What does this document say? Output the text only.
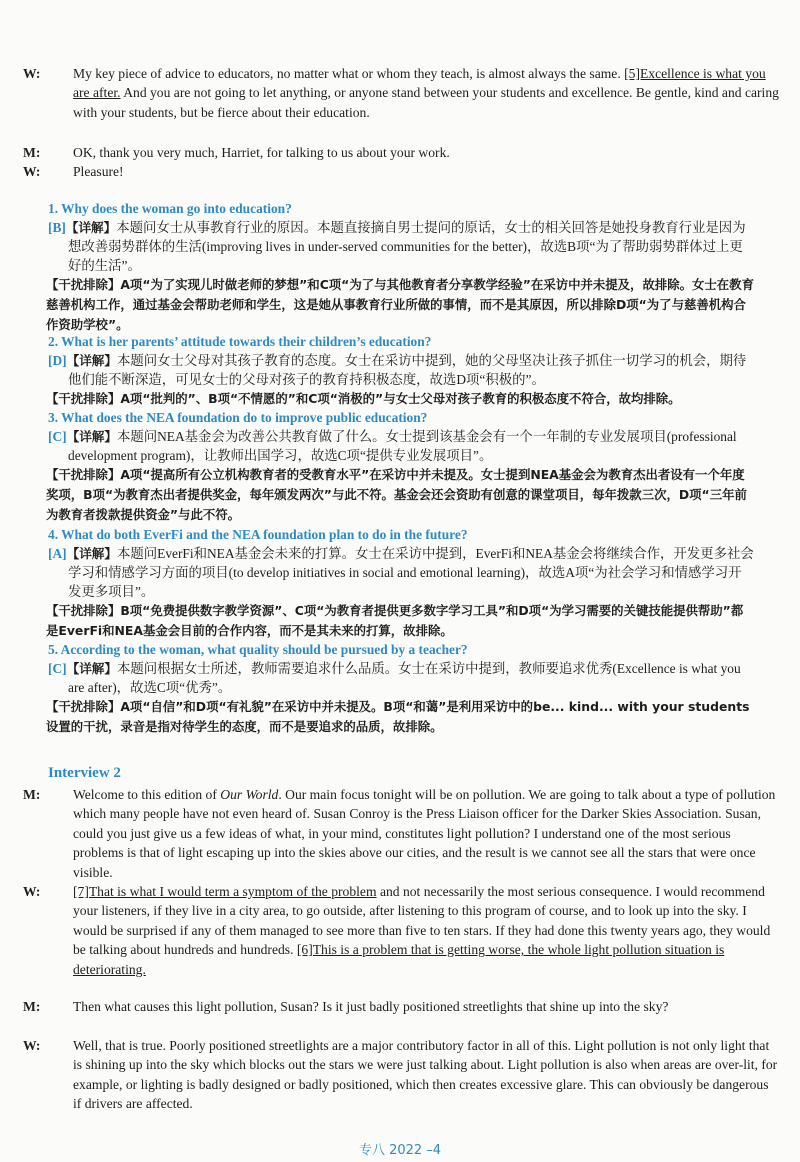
W: My key piece of advice to educators, no matter what or whom they teach, is almost always the same. [5]Excellence is what you are after. And you are not going to let anything, or anyone stand between your students and excellence. Be gentle, kind and caring with your students, but be fierce about their education.
M: OK, thank you very much, Harriet, for talking to us about your work.
W: Pleasure!
1. Why does the woman go into education?
[B]【详解】本题问女士从事教育行业的原因。本题直接摘自男士提问的原话，女士的相关回答是她投身教育行业是因为想改善弱势群体的生活(improving lives in under-served communities for the better)，故选B项“为了帮助弱势群体过上更好的生活”。
【干扰排除】A项“为了实现儿时做老师的梦想”和C项“为了与其他教育者分享教学经验”在采访中并未提及，故排除。女士在教育慈善机构工作，通过基金会帮助老师和学生，这是她从事教育行业所做的事情，而不是其原因，所以排除D项“为了与慈善机构合作资助学校”。
2. What is her parents’ attitude towards their children’s education?
[D]【详解】本题问女士父母对其孩子教育的态度。女士在采访中提到，她的父母坚决让孩子抓住一切学习的机会，期待他们能不断深造，可见女士的父母对孩子的教育持积极态度，故选D项“积极的”。
【干扰排除】A项“批判的”、B项“不情愿的”和C项“消极的”与女士父母对孩子教育的积极态度不符合，故均排除。
3. What does the NEA foundation do to improve public education?
[C]【详解】本题问NEA基金会为改善公共教育做了什么。女士提到该基金会有一个一年制的专业发展项目(professional development program)，让教师出国学习，故选C项“提供专业发展项目”。
【干扰排除】A项“提高所有公立机构教育者的受教育水平”在采访中并未提及。女士提到NEA基金会为教育杰出者设有一个年度奖项，B项“为教育杰出者提供奖金，每年颁发两次”与此不符。基金会还会资助有创意的课堂项目，每年拨款三次，D项“三年前为教育者拨款提供资金”与此不符。
4. What do both EverFi and the NEA foundation plan to do in the future?
[A]【详解】本题问EverFi和NEA基金会未来的打算。女士在采访中提到，EverFi和NEA基金会将继续合作，开发更多社会学习和情感学习方面的项目(to develop initiatives in social and emotional learning)，故选A项“为社会学习和情感学习开发更多项目”。
【干扰排除】B项“免费提供数字教学资源”、C项“为教育者提供更多数字学习工具”和D项“为学习需要的关键技能提供帮助”都是EverFi和NEA基金会目前的合作内容，而不是其未来的打算，故排除。
5. According to the woman, what quality should be pursued by a teacher?
[C]【详解】本题问根据女士所述，教师需要追求什么品质。女士在采访中提到，教师要追求优秀(Excellence is what you are after)，故选C项“优秀”。
【干扰排除】A项“自信”和D项“有礼貌”在采访中并未提及。B项“和蔼”是利用采访中的be... kind... with your students设置的干扰，录音是指对待学生的态度，而不是要追求的品质，故排除。
Interview 2
M: Welcome to this edition of Our World. Our main focus tonight will be on pollution. We are going to talk about a type of pollution which many people have not even heard of. Susan Conroy is the Press Liaison officer for the Darker Skies Association. Susan, could you just give us a few ideas of what, in your mind, constitutes light pollution? I understand one of the most serious problems is that of light escaping up into the skies above our cities, and the result is we cannot see all the stars that were once visible.
W: [7]That is what I would term a symptom of the problem and not necessarily the most serious consequence. I would recommend your listeners, if they live in a city area, to go outside, after listening to this program of course, and to look up into the sky. I would be surprised if any of them managed to see more than five to ten stars. If they had done this twenty years ago, they would be talking about hundreds and hundreds. [6]This is a problem that is getting worse, the whole light pollution situation is deteriorating.
M: Then what causes this light pollution, Susan? Is it just badly positioned streetlights that shine up into the sky?
W: Well, that is true. Poorly positioned streetlights are a major contributory factor in all of this. Light pollution is not only light that is shining up into the sky which blocks out the stars we were just talking about. Light pollution is also when areas are over-lit, for example, or lighting is badly designed or badly positioned, which then creates excessive glare. This can obviously be dangerous if drivers are affected.
专八 2022 –4
